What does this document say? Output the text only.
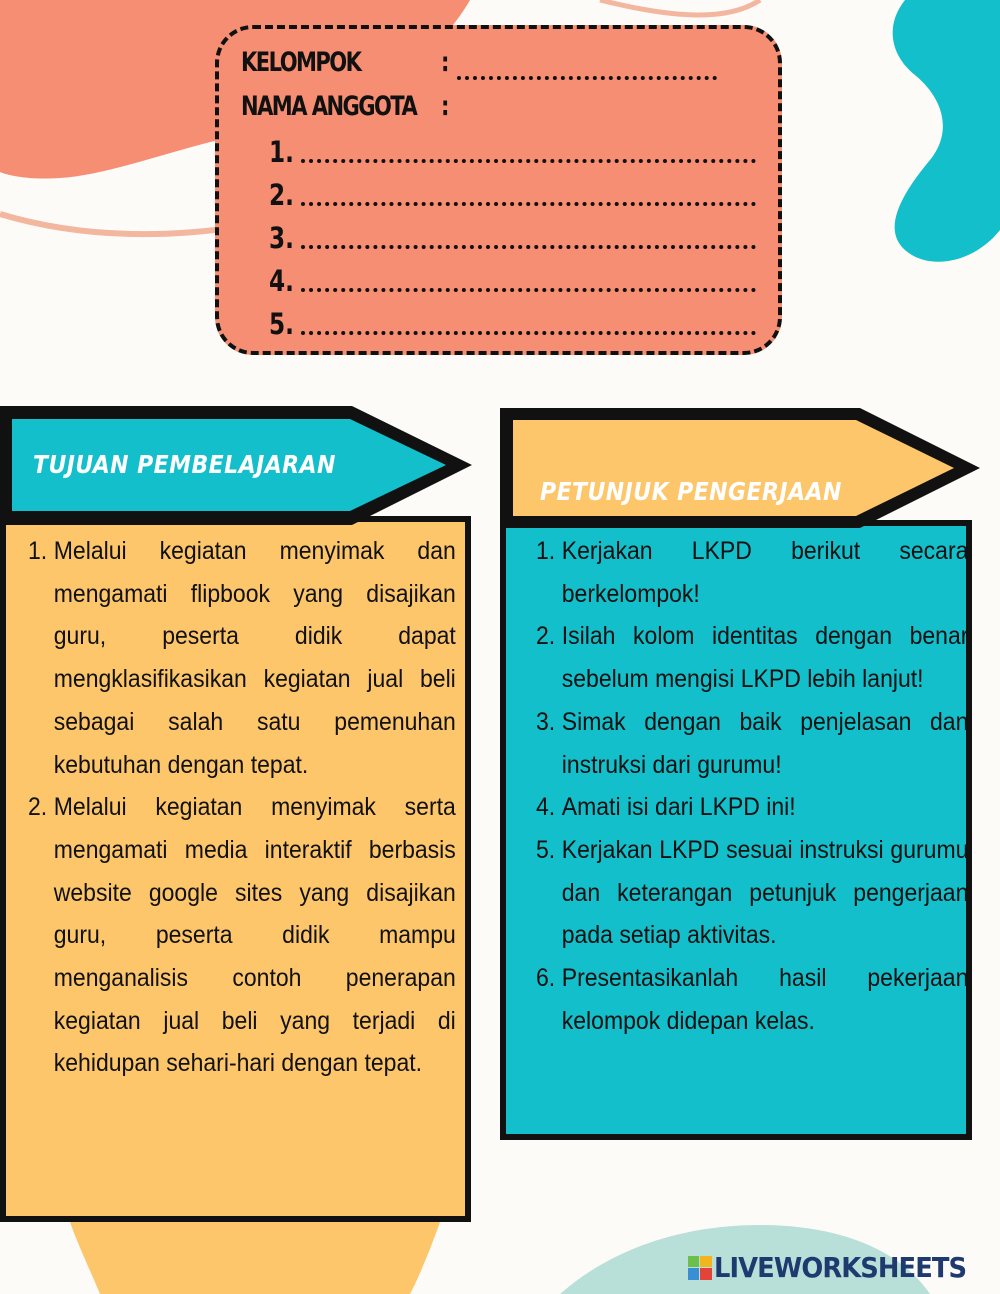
KELOMPOK	:
NAMA ANGGOTA :
1.
2.
3.
4.
5.
1. Melalui kegiatan menyimak dan mengamati flipbook yang disajikan guru, peserta didik dapat mengklasifikasikan kegiatan jual beli sebagai salah satu pemenuhan kebutuhan dengan tepat.
2. Melalui kegiatan menyimak serta mengamati media interaktif berbasis website google sites yang disajikan guru, peserta didik mampu menganalisis contoh penerapan kegiatan jual beli yang terjadi di kehidupan sehari-hari dengan tepat.
TUJUAN PEMBELAJARAN
1. Kerjakan LKPD berikut secara berkelompok!
2. Isilah kolom identitas dengan benar sebelum mengisi LKPD lebih lanjut!
3. Simak dengan baik penjelasan dan instruksi dari gurumu!
4. Amati isi dari LKPD ini!
5. Kerjakan LKPD sesuai instruksi gurumu dan keterangan petunjuk pengerjaan pada setiap aktivitas.
6. Presentasikanlah hasil pekerjaan kelompok didepan kelas.
PETUNJUK PENGERJAAN
LIVEWORKSHEETS
